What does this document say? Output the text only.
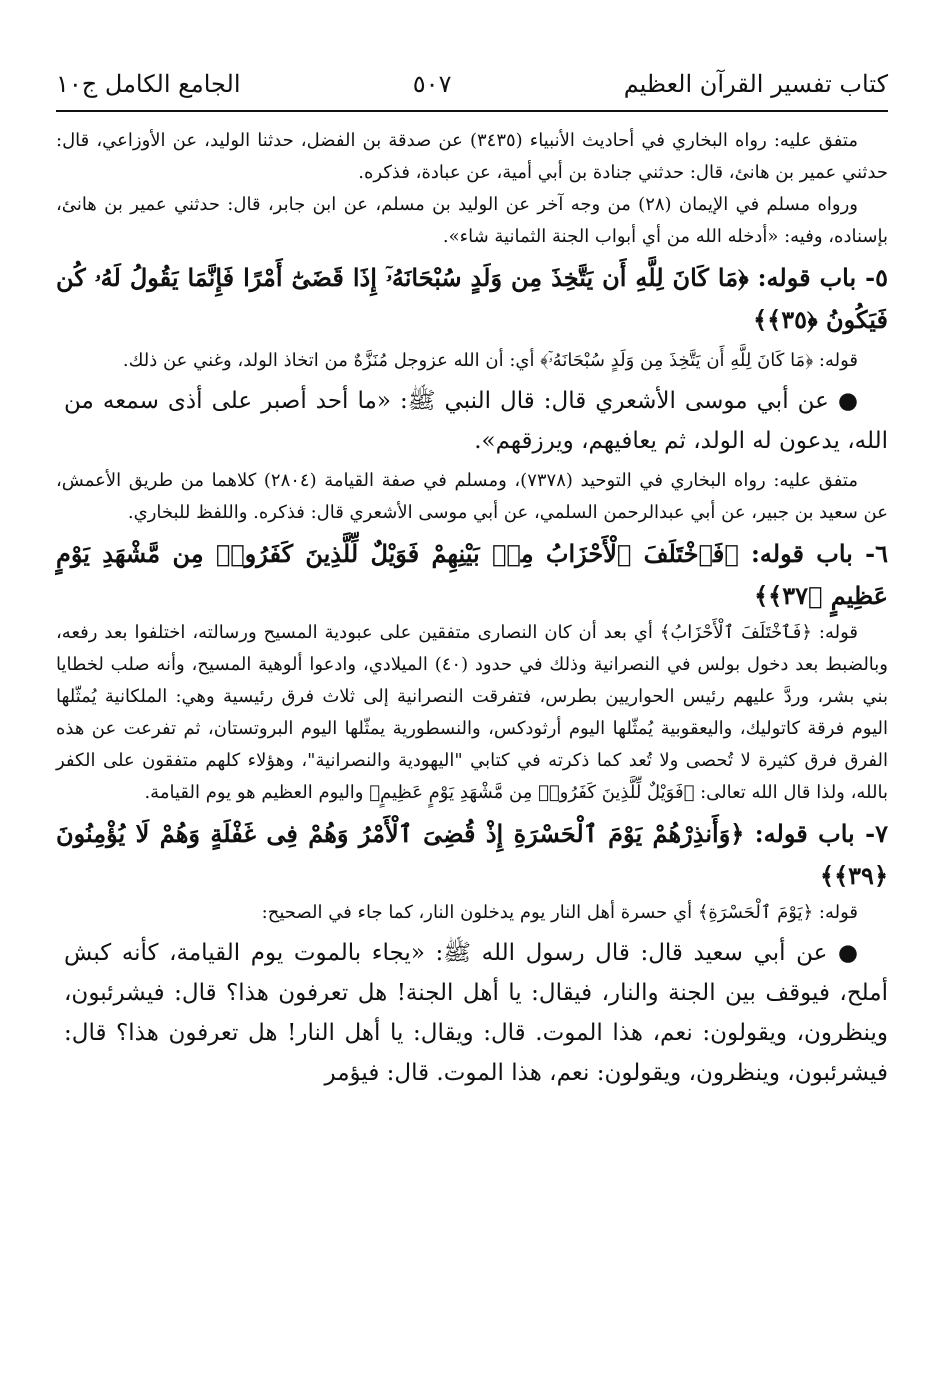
كتاب تفسير القرآن العظيم
٥٠٧
الجامع الكامل ج١٠

متفق عليه: رواه البخاري في أحاديث الأنبياء (٣٤٣٥) عن صدقة بن الفضل، حدثنا الوليد، عن الأوزاعي، قال: حدثني عمير بن هانئ، قال: حدثني جنادة بن أبي أمية، عن عبادة، فذكره.

ورواه مسلم في الإيمان (٢٨) من وجه آخر عن الوليد بن مسلم، عن ابن جابر، قال: حدثني عمير بن هانئ، بإسناده، وفيه: «أدخله الله من أي أبواب الجنة الثمانية شاء».

٥- باب قوله: ﴿مَا كَانَ لِلَّهِ أَن يَتَّخِذَ مِن وَلَدٍ سُبْحَانَهُۥٓ إِذَا قَضَىٰٓ أَمْرًا فَإِنَّمَا يَقُولُ لَهُۥ كُن فَيَكُونُ ﴿٣٥﴾﴾

قوله: ﴿مَا كَانَ لِلَّهِ أَن يَتَّخِذَ مِن وَلَدٍ سُبْحَانَهُۥٓ﴾ أي: أن الله عزوجل مُنَزَّهٌ من اتخاذ الولد، وغني عن ذلك.

● عن أبي موسى الأشعري قال: قال النبي ﷺ: «ما أحد أصبر على أذى سمعه من الله، يدعون له الولد، ثم يعافيهم، ويرزقهم».

متفق عليه: رواه البخاري في التوحيد (٧٣٧٨)، ومسلم في صفة القيامة (٢٨٠٤) كلاهما من طريق الأعمش، عن سعيد بن جبير، عن أبي عبدالرحمن السلمي، عن أبي موسى الأشعري قال: فذكره. واللفظ للبخاري.

٦- باب قوله: ﴿فَٱخْتَلَفَ ٱلْأَحْزَابُ مِنۢ بَيْنِهِمْ فَوَيْلٌ لِّلَّذِينَ كَفَرُوا۟ مِن مَّشْهَدِ يَوْمٍ عَظِيمٍ ﴿٣٧﴾﴾

قوله: ﴿فَٱخْتَلَفَ ٱلْأَحْزَابُ﴾ أي بعد أن كان النصارى متفقين على عبودية المسيح ورسالته، اختلفوا بعد رفعه، وبالضبط بعد دخول بولس في النصرانية وذلك في حدود (٤٠) الميلادي، وادعوا ألوهية المسيح، وأنه صلب لخطايا بني بشر، وردَّ عليهم رئيس الحواريين بطرس، فتفرقت النصرانية إلى ثلاث فرق رئيسية وهي: الملكانية يُمثّلها اليوم فرقة كاتوليك، واليعقوبية يُمثّلها اليوم أرثودكس، والنسطورية يمثّلها اليوم البروتستان، ثم تفرعت عن هذه الفرق فرق كثيرة لا تُحصى ولا تُعد كما ذكرته في كتابي "اليهودية والنصرانية"، وهؤلاء كلهم متفقون على الكفر بالله، ولذا قال الله تعالى: ﴿فَوَيْلٌ لِّلَّذِينَ كَفَرُوا۟ مِن مَّشْهَدِ يَوْمٍ عَظِيمٍ﴾ واليوم العظيم هو يوم القيامة.

٧- باب قوله: ﴿وَأَنذِرْهُمْ يَوْمَ ٱلْحَسْرَةِ إِذْ قُضِىَ ٱلْأَمْرُ وَهُمْ فِى غَفْلَةٍ وَهُمْ لَا يُؤْمِنُونَ ﴿٣٩﴾﴾

قوله: ﴿يَوْمَ ٱلْحَسْرَةِ﴾ أي حسرة أهل النار يوم يدخلون النار، كما جاء في الصحيح:

● عن أبي سعيد قال: قال رسول الله ﷺ: «يجاء بالموت يوم القيامة، كأنه كبش أملح، فيوقف بين الجنة والنار، فيقال: يا أهل الجنة! هل تعرفون هذا؟ قال: فيشرئبون، وينظرون، ويقولون: نعم، هذا الموت. قال: ويقال: يا أهل النار! هل تعرفون هذا؟ قال: فيشرئبون، وينظرون، ويقولون: نعم، هذا الموت. قال: فيؤمر
